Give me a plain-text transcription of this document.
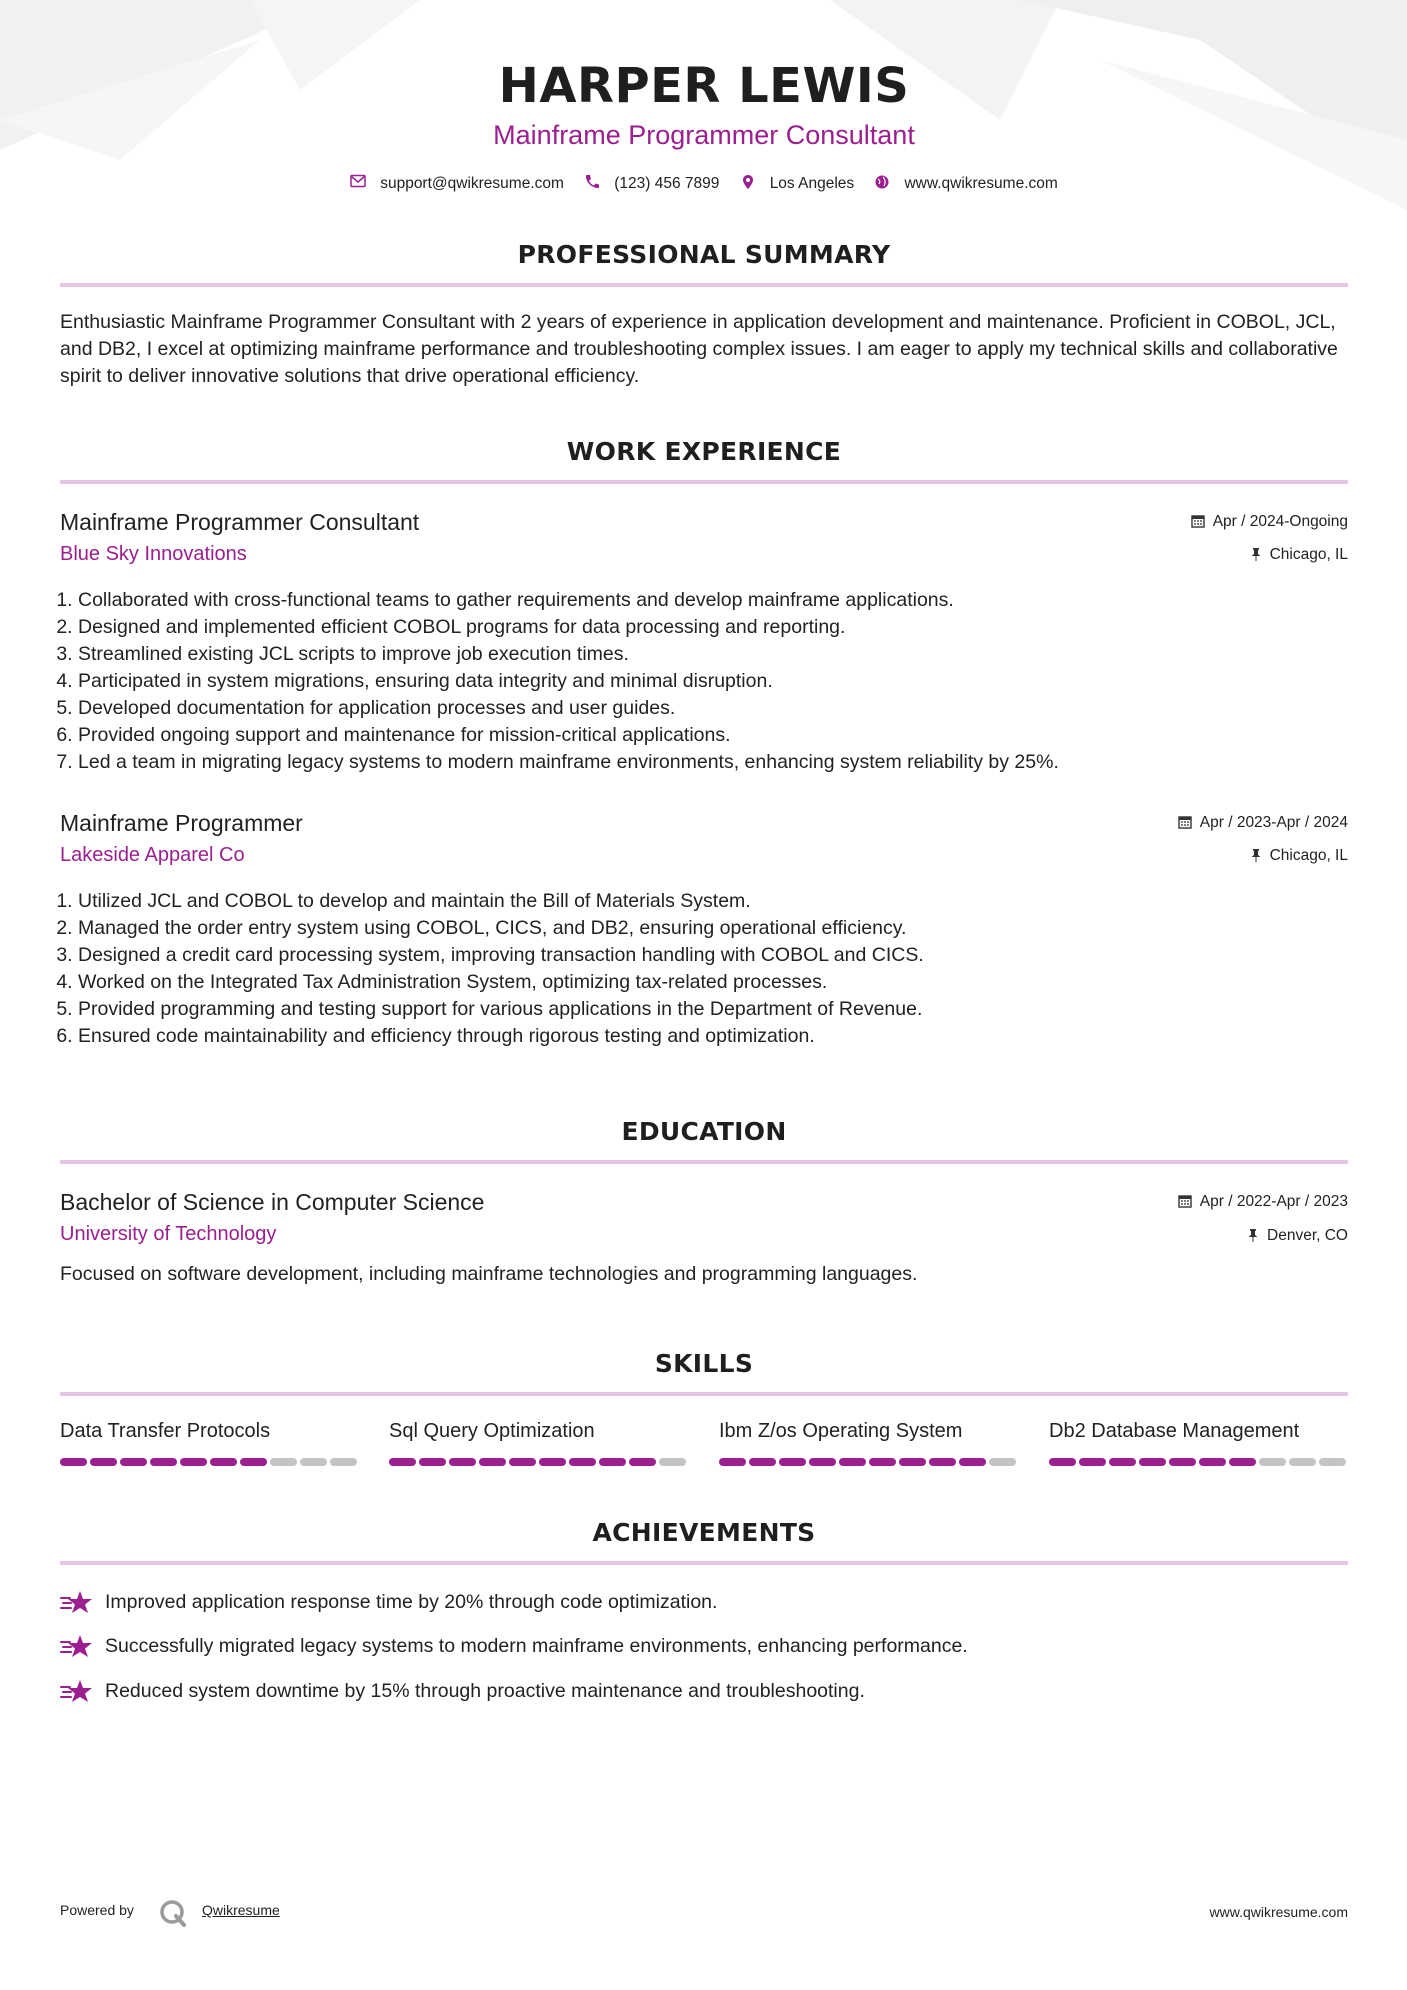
HARPER LEWIS
Mainframe Programmer Consultant
support@qwikresume.com	(123) 456 7899	Los Angeles	www.qwikresume.com
PROFESSIONAL SUMMARY

Enthusiastic Mainframe Programmer Consultant with 2 years of experience in application development and maintenance. Proficient in COBOL, JCL, and DB2, I excel at optimizing mainframe performance and troubleshooting complex issues. I am eager to apply my technical skills and collaborative spirit to deliver innovative solutions that drive operational efficiency.

WORK EXPERIENCE
Mainframe Programmer Consultant
Blue Sky Innovations
Apr / 2024-Ongoing
Chicago, IL
1. Collaborated with cross-functional teams to gather requirements and develop mainframe applications.
2. Designed and implemented efficient COBOL programs for data processing and reporting.
3. Streamlined existing JCL scripts to improve job execution times.
4. Participated in system migrations, ensuring data integrity and minimal disruption.
5. Developed documentation for application processes and user guides.
6. Provided ongoing support and maintenance for mission-critical applications.
7. Led a team in migrating legacy systems to modern mainframe environments, enhancing system reliability by 25%.
Mainframe Programmer
Lakeside Apparel Co
Apr / 2023-Apr / 2024
Chicago, IL
1. Utilized JCL and COBOL to develop and maintain the Bill of Materials System.
2. Managed the order entry system using COBOL, CICS, and DB2, ensuring operational efficiency.
3. Designed a credit card processing system, improving transaction handling with COBOL and CICS.
4. Worked on the Integrated Tax Administration System, optimizing tax-related processes.
5. Provided programming and testing support for various applications in the Department of Revenue.
6. Ensured code maintainability and efficiency through rigorous testing and optimization.
EDUCATION
Bachelor of Science in Computer Science
University of Technology
Apr / 2022-Apr / 2023
Denver, CO
Focused on software development, including mainframe technologies and programming languages.
SKILLS
Data Transfer Protocols	Sql Query Optimization	Ibm Z/os Operating System	Db2 Database Management
ACHIEVEMENTS
Improved application response time by 20% through code optimization.
Successfully migrated legacy systems to modern mainframe environments, enhancing performance.
Reduced system downtime by 15% through proactive maintenance and troubleshooting.
Powered by	Qwikresume	www.qwikresume.com
